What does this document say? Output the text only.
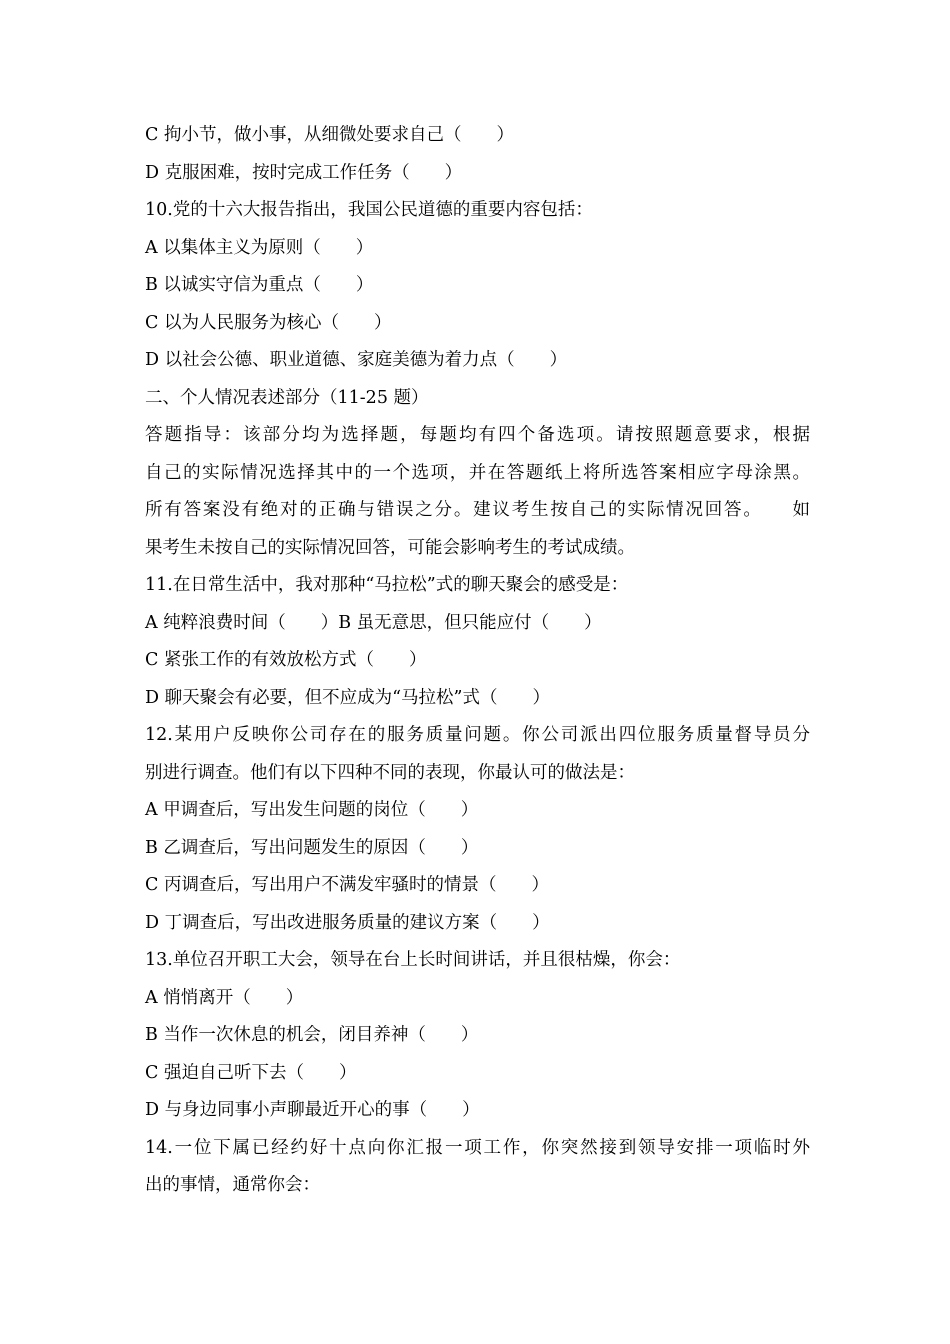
C 拘小节，做小事，从细微处要求自己（　　）
D 克服困难，按时完成工作任务（　　）
10.党的十六大报告指出，我国公民道德的重要内容包括：
A 以集体主义为原则（　　）
B 以诚实守信为重点（　　）
C 以为人民服务为核心（　　）
D 以社会公德、职业道德、家庭美德为着力点（　　）
二、个人情况表述部分（11-25 题）
答题指导：该部分均为选择题，每题均有四个备选项。请按照题意要求，根据
自己的实际情况选择其中的一个选项，并在答题纸上将所选答案相应字母涂黑。
所有答案没有绝对的正确与错误之分。建议考生按自己的实际情况回答。　　如
果考生未按自己的实际情况回答，可能会影响考生的考试成绩。
11.在日常生活中，我对那种“马拉松”式的聊天聚会的感受是：
A 纯粹浪费时间（　　）B 虽无意思，但只能应付（　　）
C 紧张工作的有效放松方式（　　）
D 聊天聚会有必要，但不应成为“马拉松”式（　　）
12.某用户反映你公司存在的服务质量问题。你公司派出四位服务质量督导员分
别进行调查。他们有以下四种不同的表现，你最认可的做法是：
A 甲调查后，写出发生问题的岗位（　　）
B 乙调查后，写出问题发生的原因（　　）
C 丙调查后，写出用户不满发牢骚时的情景（　　）
D 丁调查后，写出改进服务质量的建议方案（　　）
13.单位召开职工大会，领导在台上长时间讲话，并且很枯燥，你会：
A 悄悄离开（　　）
B 当作一次休息的机会，闭目养神（　　）
C 强迫自己听下去（　　）
D 与身边同事小声聊最近开心的事（　　）
14.一位下属已经约好十点向你汇报一项工作，你突然接到领导安排一项临时外
出的事情，通常你会：
